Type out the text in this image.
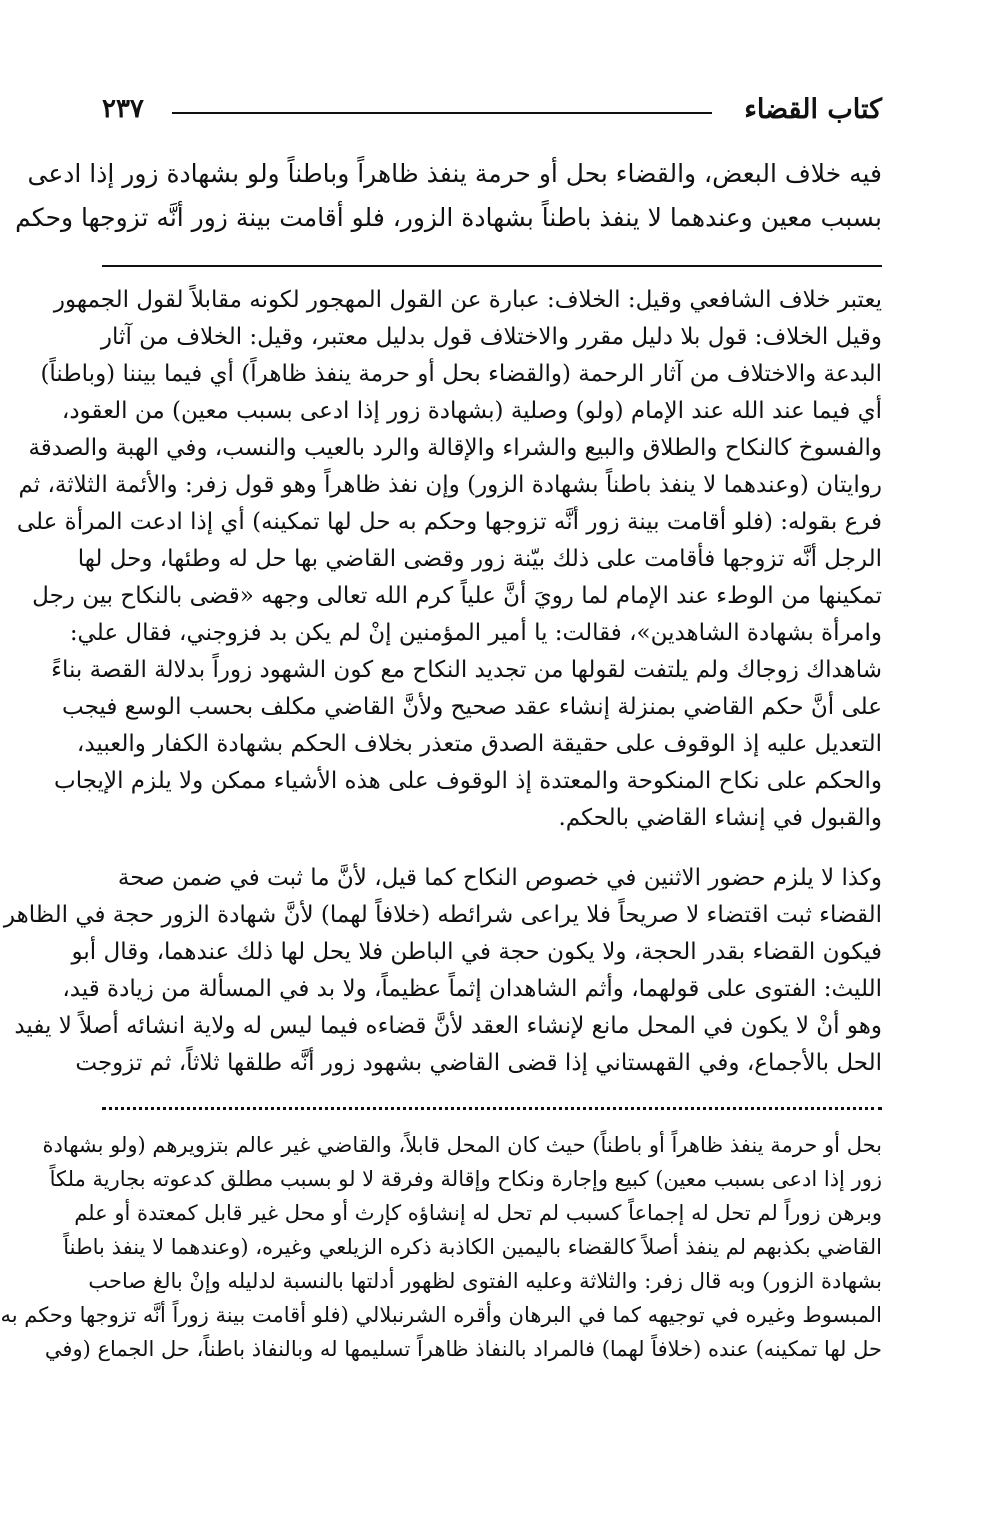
كتاب القضاء
٢٣٧
فيه خلاف البعض، والقضاء بحل أو حرمة ينفذ ظاهراً وباطناً ولو بشهادة زور إذا ادعى
بسبب معين وعندهما لا ينفذ باطناً بشهادة الزور، فلو أقامت بينة زور أنَّه تزوجها وحكم
يعتبر خلاف الشافعي وقيل: الخلاف: عبارة عن القول المهجور لكونه مقابلاً لقول الجمهور
وقيل الخلاف: قول بلا دليل مقرر والاختلاف قول بدليل معتبر، وقيل: الخلاف من آثار
البدعة والاختلاف من آثار الرحمة (والقضاء بحل أو حرمة ينفذ ظاهراً) أي فيما بيننا (وباطناً)
أي فيما عند الله عند الإمام (ولو) وصلية (بشهادة زور إذا ادعى بسبب معين) من العقود،
والفسوخ كالنكاح والطلاق والبيع والشراء والإقالة والرد بالعيب والنسب، وفي الهبة والصدقة
روايتان (وعندهما لا ينفذ باطناً بشهادة الزور) وإن نفذ ظاهراً وهو قول زفر: والأئمة الثلاثة، ثم
فرع بقوله: (فلو أقامت بينة زور أنَّه تزوجها وحكم به حل لها تمكينه) أي إذا ادعت المرأة على
الرجل أنَّه تزوجها فأقامت على ذلك بيّنة زور وقضى القاضي بها حل له وطئها، وحل لها
تمكينها من الوطء عند الإمام لما رويَ أنَّ علياً كرم الله تعالى وجهه «قضى بالنكاح بين رجل
وامرأة بشهادة الشاهدين»، فقالت: يا أمير المؤمنين إنْ لم يكن بد فزوجني، فقال علي:
شاهداك زوجاك ولم يلتفت لقولها من تجديد النكاح مع كون الشهود زوراً بدلالة القصة بناءً
على أنَّ حكم القاضي بمنزلة إنشاء عقد صحيح ولأنَّ القاضي مكلف بحسب الوسع فيجب
التعديل عليه إذ الوقوف على حقيقة الصدق متعذر بخلاف الحكم بشهادة الكفار والعبيد،
والحكم على نكاح المنكوحة والمعتدة إذ الوقوف على هذه الأشياء ممكن ولا يلزم الإيجاب
والقبول في إنشاء القاضي بالحكم.
وكذا لا يلزم حضور الاثنين في خصوص النكاح كما قيل، لأنَّ ما ثبت في ضمن صحة
القضاء ثبت اقتضاء لا صريحاً فلا يراعى شرائطه (خلافاً لهما) لأنَّ شهادة الزور حجة في الظاهر
فيكون القضاء بقدر الحجة، ولا يكون حجة في الباطن فلا يحل لها ذلك عندهما، وقال أبو
الليث: الفتوى على قولهما، وأثم الشاهدان إثماً عظيماً، ولا بد في المسألة من زيادة قيد،
وهو أنْ لا يكون في المحل مانع لإنشاء العقد لأنَّ قضاءه فيما ليس له ولاية انشائه أصلاً لا يفيد
الحل بالأجماع، وفي القهستاني إذا قضى القاضي بشهود زور أنَّه طلقها ثلاثاً، ثم تزوجت
بحل أو حرمة ينفذ ظاهراً أو باطناً) حيث كان المحل قابلاً، والقاضي غير عالم بتزويرهم (ولو بشهادة
زور إذا ادعى بسبب معين) كبيع وإجارة ونكاح وإقالة وفرقة لا لو بسبب مطلق كدعوته بجارية ملكاً
وبرهن زوراً لم تحل له إجماعاً كسبب لم تحل له إنشاؤه كإرث أو محل غير قابل كمعتدة أو علم
القاضي بكذبهم لم ينفذ أصلاً كالقضاء باليمين الكاذبة ذكره الزيلعي وغيره، (وعندهما لا ينفذ باطناً
بشهادة الزور) وبه قال زفر: والثلاثة وعليه الفتوى لظهور أدلتها بالنسبة لدليله وإنْ بالغ صاحب
المبسوط وغيره في توجيهه كما في البرهان وأقره الشرنبلالي (فلو أقامت بينة زوراً أنَّه تزوجها وحكم به
حل لها تمكينه) عنده (خلافاً لهما) فالمراد بالنفاذ ظاهراً تسليمها له وبالنفاذ باطناً، حل الجماع (وفي
